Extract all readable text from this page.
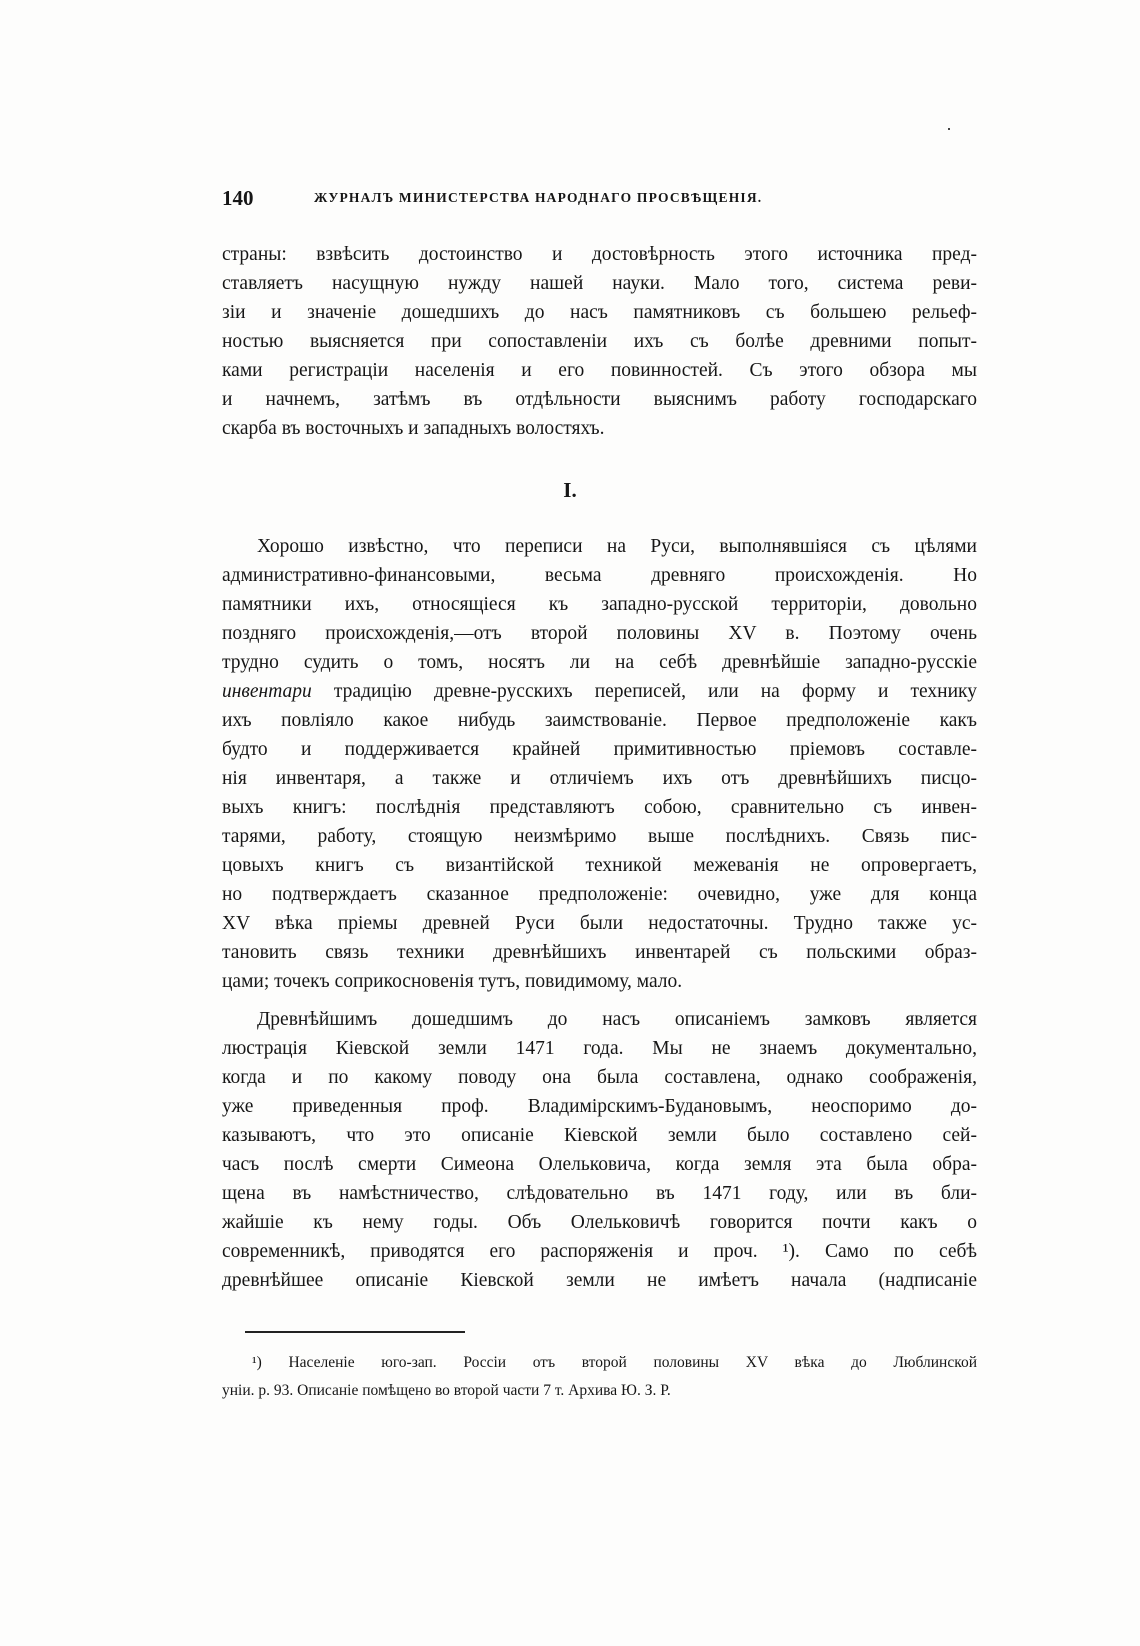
140	ЖУРНАЛЪ МИНИСТЕРСТВА НАРОДНАГО ПРОСВѢЩЕНІЯ.
страны: взвѣсить достоинство и достовѣрность этого источника пред-
ставляетъ насущную нужду нашей науки. Мало того, система реви-
зіи и значеніе дошедшихъ до насъ памятниковъ съ большею рельеф-
ностью выясняется при сопоставленіи ихъ съ болѣе древними попыт-
ками регистраціи населенія и его повинностей. Съ этого обзора мы
и начнемъ, затѣмъ въ отдѣльности выяснимъ работу господарскаго
скарба въ восточныхъ и западныхъ волостяхъ.
I.
Хорошо извѣстно, что переписи на Руси, выполнявшіяся съ цѣлями
административно-финансовыми, весьма древняго происхожденія. Но
памятники ихъ, относящіеся къ западно-русской территоріи, довольно
поздняго происхожденія,—отъ второй половины XV в. Поэтому очень
трудно судить о томъ, носятъ ли на себѣ древнѣйшіе западно-русскіе
инвентари традицію древне-русскихъ переписей, или на форму и технику
ихъ повліяло какое нибудь заимствованіе. Первое предположеніе какъ
будто и поддерживается крайней примитивностью пріемовъ составле-
нія инвентаря, а также и отличіемъ ихъ отъ древнѣйшихъ писцо-
выхъ книгъ: послѣднія представляютъ собою, сравнительно съ инвен-
тарями, работу, стоящую неизмѣримо выше послѣднихъ. Связь пис-
цовыхъ книгъ съ византійской техникой межеванія не опровергаетъ,
но подтверждаетъ сказанное предположеніе: очевидно, уже для конца
XV вѣка пріемы древней Руси были недостаточны. Трудно также ус-
тановить связь техники древнѣйшихъ инвентарей съ польскими образ-
цами; точекъ соприкосновенія тутъ, повидимому, мало.
Древнѣйшимъ дошедшимъ до насъ описаніемъ замковъ является
люстрація Кіевской земли 1471 года. Мы не знаемъ документально,
когда и по какому поводу она была составлена, однако соображенія,
уже приведенныя проф. Владимірскимъ-Будановымъ, неоспоримо до-
казываютъ, что это описаніе Кіевской земли было составлено сей-
часъ послѣ смерти Симеона Олельковича, когда земля эта была обра-
щена въ намѣстничество, слѣдовательно въ 1471 году, или въ бли-
жайшіе къ нему годы. Объ Олельковичѣ говорится почти какъ о
современникѣ, приводятся его распоряженія и проч. ¹). Само по себѣ
древнѣйшее описаніе Кіевской земли не имѣетъ начала (надписаніе
¹) Населеніе юго-зап. Россіи отъ второй половины XV вѣка до Люблинской
уніи. р. 93. Описаніе помѣщено во второй части 7 т. Архива Ю. З. Р.
